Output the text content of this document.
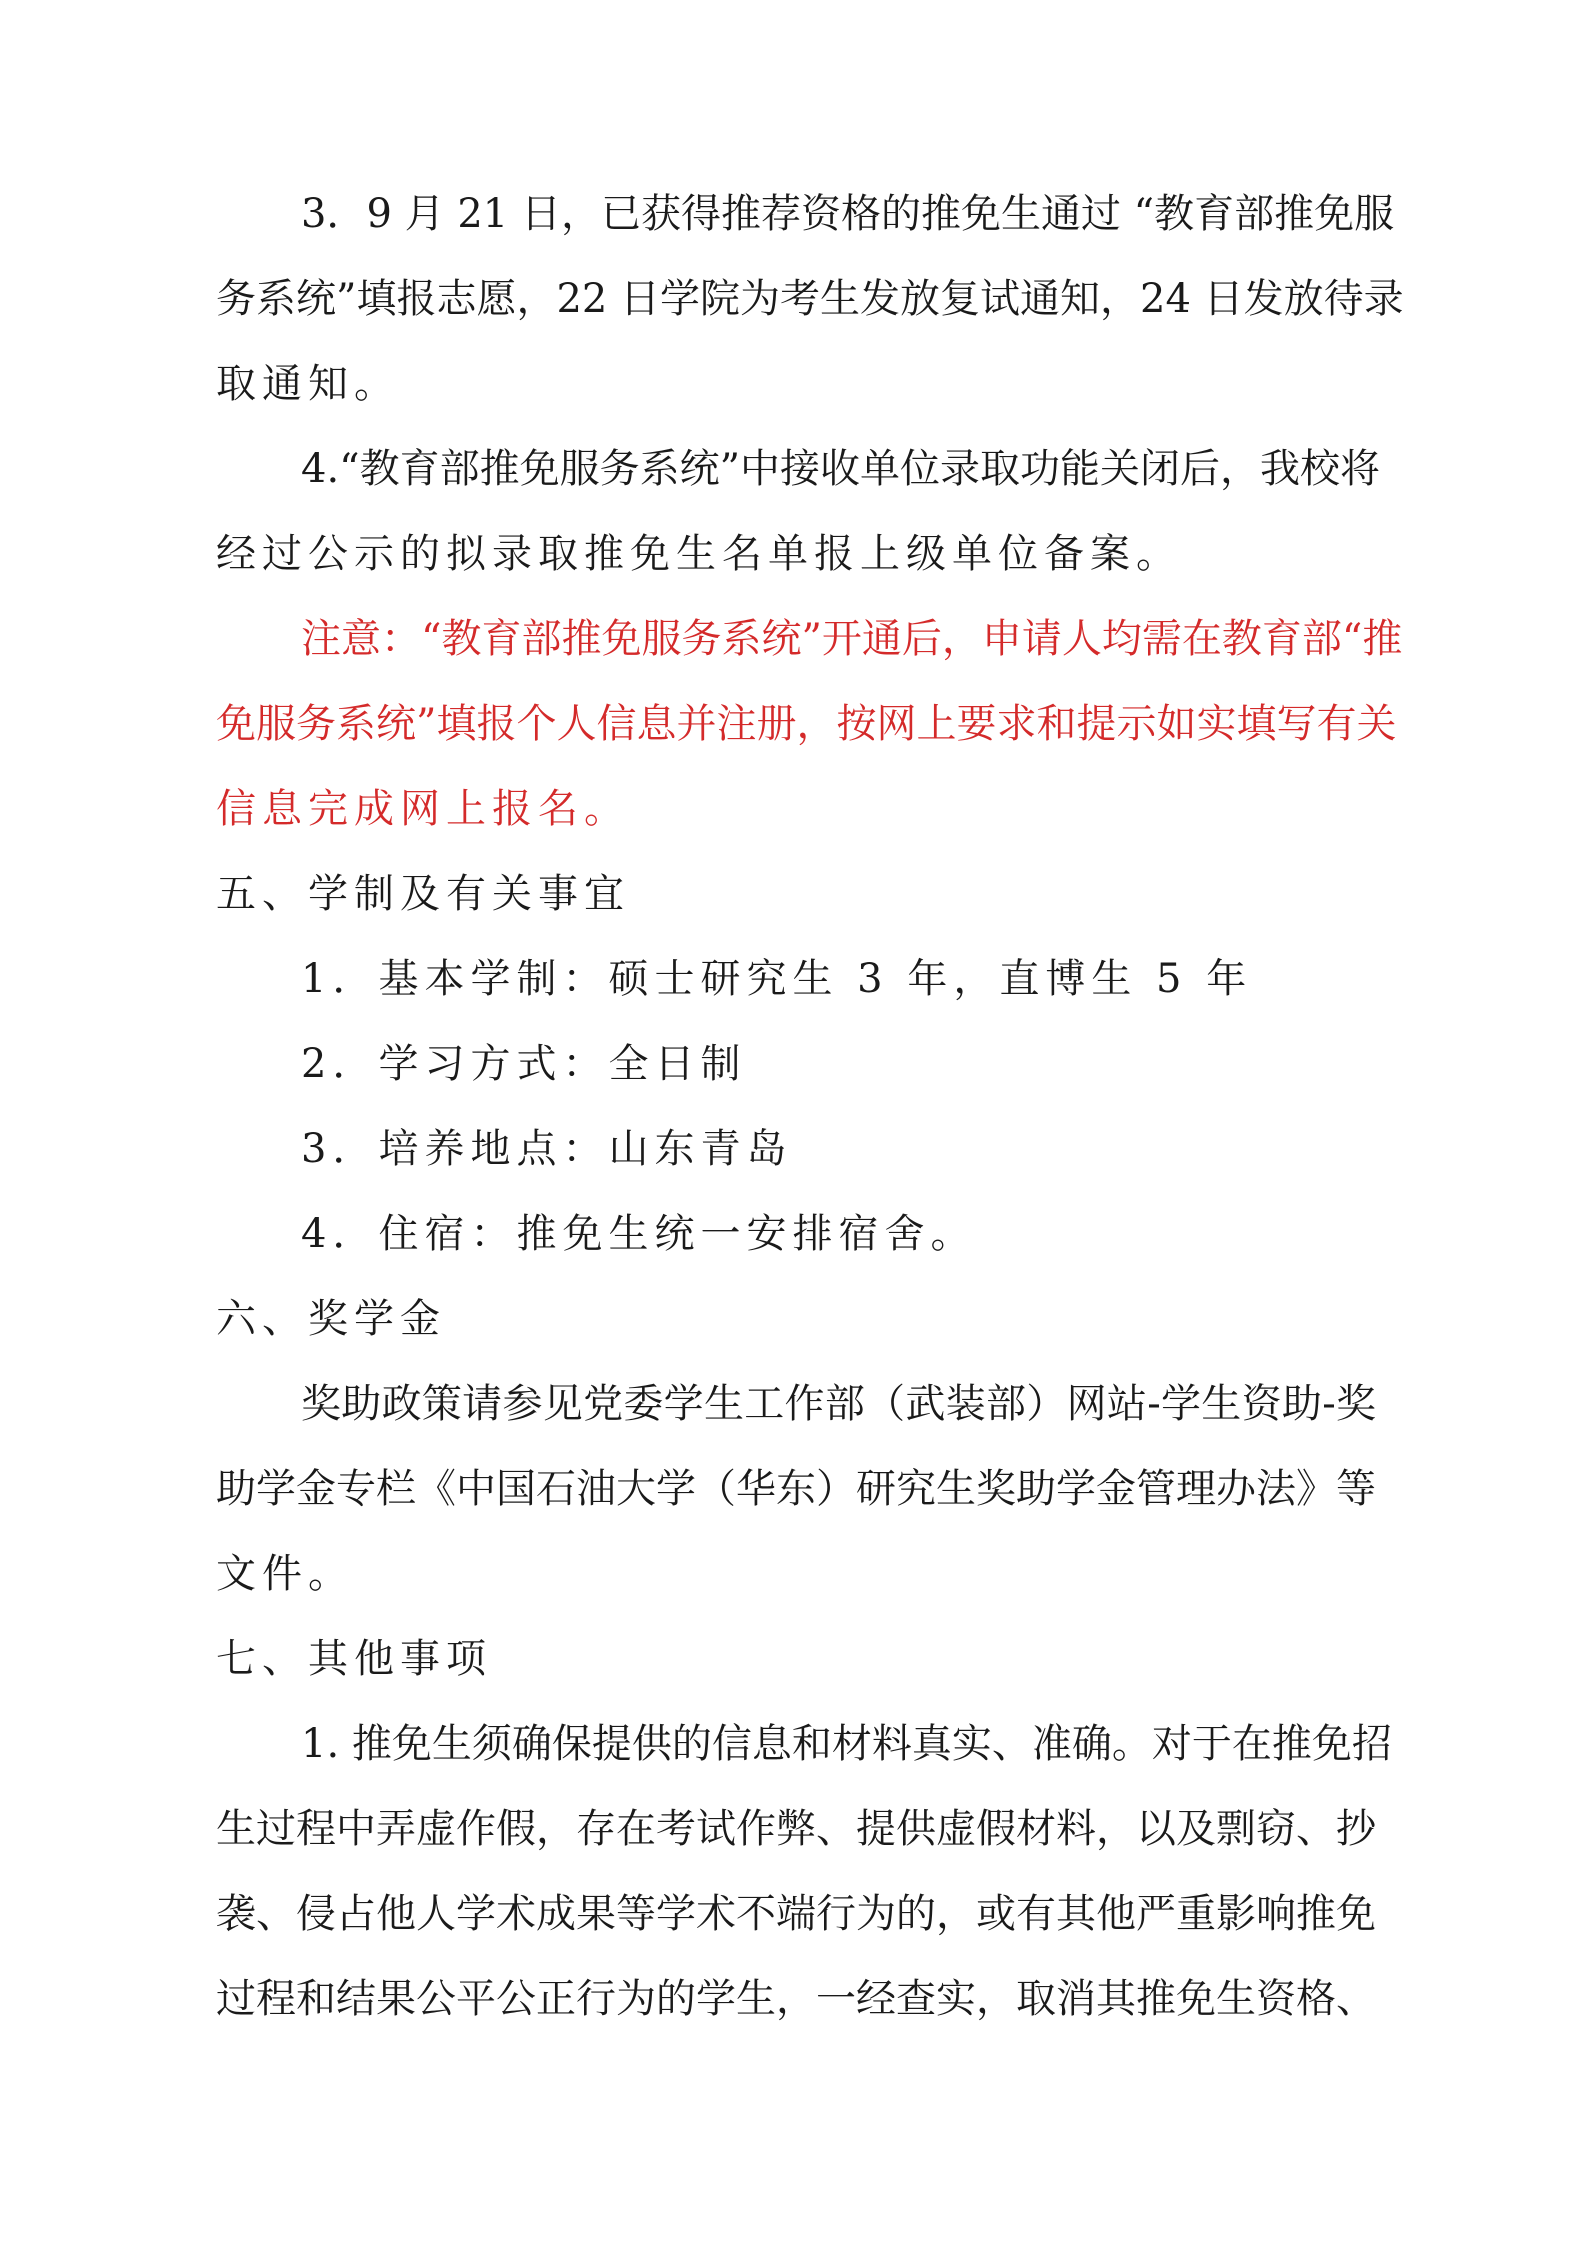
3．9 月 21 日，已获得推荐资格的推免生通过 “教育部推免服
务系统”填报志愿，22 日学院为考生发放复试通知，24 日发放待录
取通知。
4.“教育部推免服务系统”中接收单位录取功能关闭后，我校将
经过公示的拟录取推免生名单报上级单位备案。
注意：“教育部推免服务系统”开通后，申请人均需在教育部“推
免服务系统”填报个人信息并注册，按网上要求和提示如实填写有关
信息完成网上报名。
五、学制及有关事宜
1．基本学制：硕士研究生 3 年，直博生 5 年
2．学习方式：全日制
3．培养地点：山东青岛
4．住宿：推免生统一安排宿舍。
六、奖学金
奖助政策请参见党委学生工作部（武装部）网站-学生资助-奖
助学金专栏《中国石油大学（华东）研究生奖助学金管理办法》等
文件。
七、其他事项
1. 推免生须确保提供的信息和材料真实、准确。对于在推免招
生过程中弄虚作假，存在考试作弊、提供虚假材料，以及剽窃、抄
袭、侵占他人学术成果等学术不端行为的，或有其他严重影响推免
过程和结果公平公正行为的学生，一经查实，取消其推免生资格、
